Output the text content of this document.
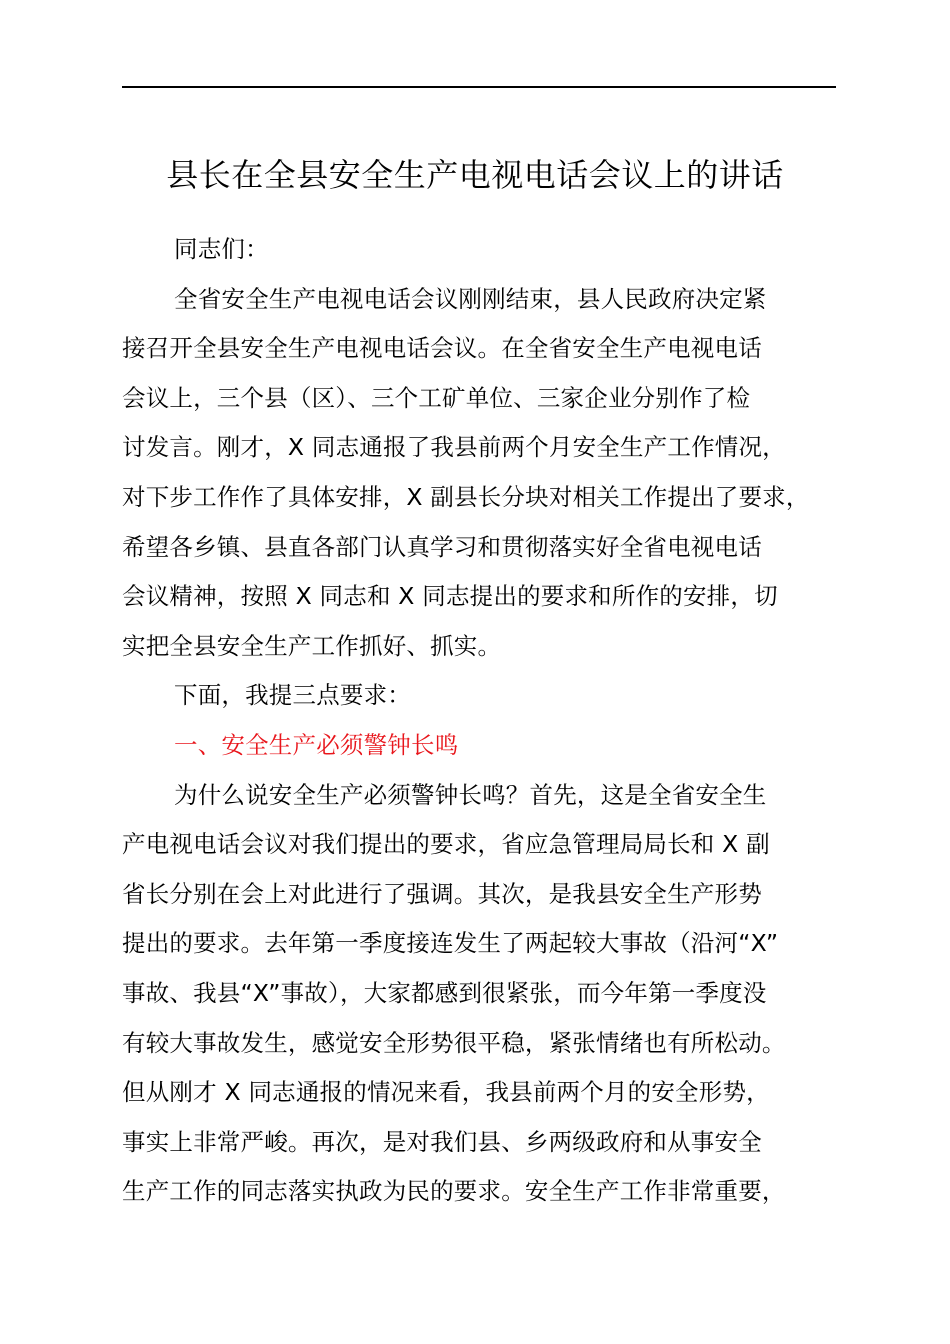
县长在全县安全生产电视电话会议上的讲话
同志们：
全省安全生产电视电话会议刚刚结束，县人民政府决定紧
接召开全县安全生产电视电话会议。在全省安全生产电视电话
会议上，三个县（区）、三个工矿单位、三家企业分别作了检
讨发言。刚才，X 同志通报了我县前两个月安全生产工作情况，
对下步工作作了具体安排，X 副县长分块对相关工作提出了要求，
希望各乡镇、县直各部门认真学习和贯彻落实好全省电视电话
会议精神，按照 X 同志和 X 同志提出的要求和所作的安排，切
实把全县安全生产工作抓好、抓实。
下面，我提三点要求：
一、安全生产必须警钟长鸣
为什么说安全生产必须警钟长鸣？首先，这是全省安全生
产电视电话会议对我们提出的要求，省应急管理局局长和 X 副
省长分别在会上对此进行了强调。其次，是我县安全生产形势
提出的要求。去年第一季度接连发生了两起较大事故（沿河“X”
事故、我县“X”事故），大家都感到很紧张，而今年第一季度没
有较大事故发生，感觉安全形势很平稳，紧张情绪也有所松动。
但从刚才 X 同志通报的情况来看，我县前两个月的安全形势，
事实上非常严峻。再次，是对我们县、乡两级政府和从事安全
生产工作的同志落实执政为民的要求。安全生产工作非常重要，
